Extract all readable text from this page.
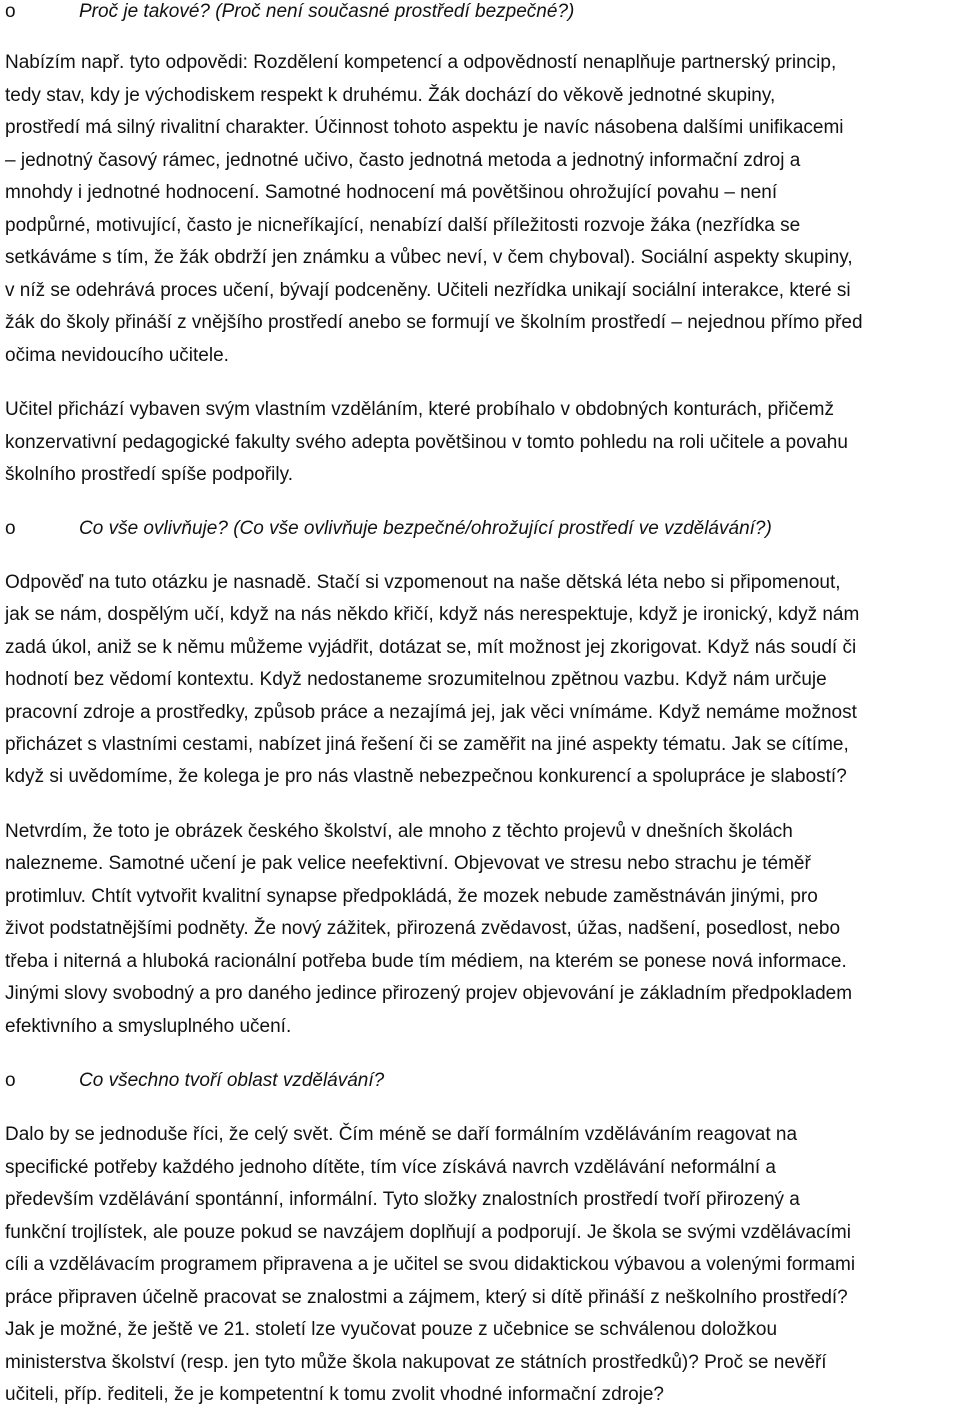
o	Proč je takové? (Proč není současné prostředí bezpečné?)
Nabízím např. tyto odpovědi: Rozdělení kompetencí a odpovědností nenaplňuje partnerský princip,
tedy stav, kdy je východiskem respekt k druhému. Žák dochází do věkově jednotné skupiny,
prostředí má silný rivalitní charakter. Účinnost tohoto aspektu je navíc násobena dalšími unifikacemi
– jednotný časový rámec, jednotné učivo, často jednotná metoda a jednotný informační zdroj a
mnohdy i jednotné hodnocení. Samotné hodnocení má povětšinou ohrožující povahu – není
podpůrné, motivující, často je nicneříkající, nenabízí další příležitosti rozvoje žáka (nezřídka se
setkáváme s tím, že žák obdrží jen známku a vůbec neví, v čem chyboval). Sociální aspekty skupiny,
v níž se odehrává proces učení, bývají podceněny. Učiteli nezřídka unikají sociální interakce, které si
žák do školy přináší z vnějšího prostředí anebo se formují ve školním prostředí – nejednou přímo před
očima nevidoucího učitele.
Učitel přichází vybaven svým vlastním vzděláním, které probíhalo v obdobných konturách, přičemž
konzervativní pedagogické fakulty svého adepta povětšinou v tomto pohledu na roli učitele a povahu
školního prostředí spíše podpořily.
o	Co vše ovlivňuje? (Co vše ovlivňuje bezpečné/ohrožující prostředí ve vzdělávání?)
Odpověď na tuto otázku je nasnadě. Stačí si vzpomenout na naše dětská léta nebo si připomenout,
jak se nám, dospělým učí, když na nás někdo křičí, když nás nerespektuje, když je ironický, když nám
zadá úkol, aniž se k němu můžeme vyjádřit, dotázat se, mít možnost jej zkorigovat. Když nás soudí či
hodnotí bez vědomí kontextu. Když nedostaneme srozumitelnou zpětnou vazbu. Když nám určuje
pracovní zdroje a prostředky, způsob práce a nezajímá jej, jak věci vnímáme. Když nemáme možnost
přicházet s vlastními cestami, nabízet jiná řešení či se zaměřit na jiné aspekty tématu. Jak se cítíme,
když si uvědomíme, že kolega je pro nás vlastně nebezpečnou konkurencí a spolupráce je slabostí?
Netvrdím, že toto je obrázek českého školství, ale mnoho z těchto projevů v dnešních školách
nalezneme. Samotné učení je pak velice neefektivní. Objevovat ve stresu nebo strachu je téměř
protimluv. Chtít vytvořit kvalitní synapse předpokládá, že mozek nebude zaměstnáván jinými, pro
život podstatnějšími podněty. Že nový zážitek, přirozená zvědavost, úžas, nadšení, posedlost, nebo
třeba i niterná a hluboká racionální potřeba bude tím médiem, na kterém se ponese nová informace.
Jinými slovy svobodný a pro daného jedince přirozený projev objevování je základním předpokladem
efektivního a smysluplného učení.
o	Co všechno tvoří oblast vzdělávání?
Dalo by se jednoduše říci, že celý svět. Čím méně se daří formálním vzděláváním reagovat na
specifické potřeby každého jednoho dítěte, tím více získává navrch vzdělávání neformální a
především vzdělávání spontánní, informální. Tyto složky znalostních prostředí tvoří přirozený a
funkční trojlístek, ale pouze pokud se navzájem doplňují a podporují. Je škola se svými vzdělávacími
cíli a vzdělávacím programem připravena a je učitel se svou didaktickou výbavou a volenými formami
práce připraven účelně pracovat se znalostmi a zájmem, který si dítě přináší z neškolního prostředí?
Jak je možné, že ještě ve 21. století lze vyučovat pouze z učebnice se schválenou doložkou
ministerstva školství (resp. jen tyto může škola nakupovat ze státních prostředků)? Proč se nevěří
učiteli, příp. řediteli, že je kompetentní k tomu zvolit vhodné informační zdroje?
